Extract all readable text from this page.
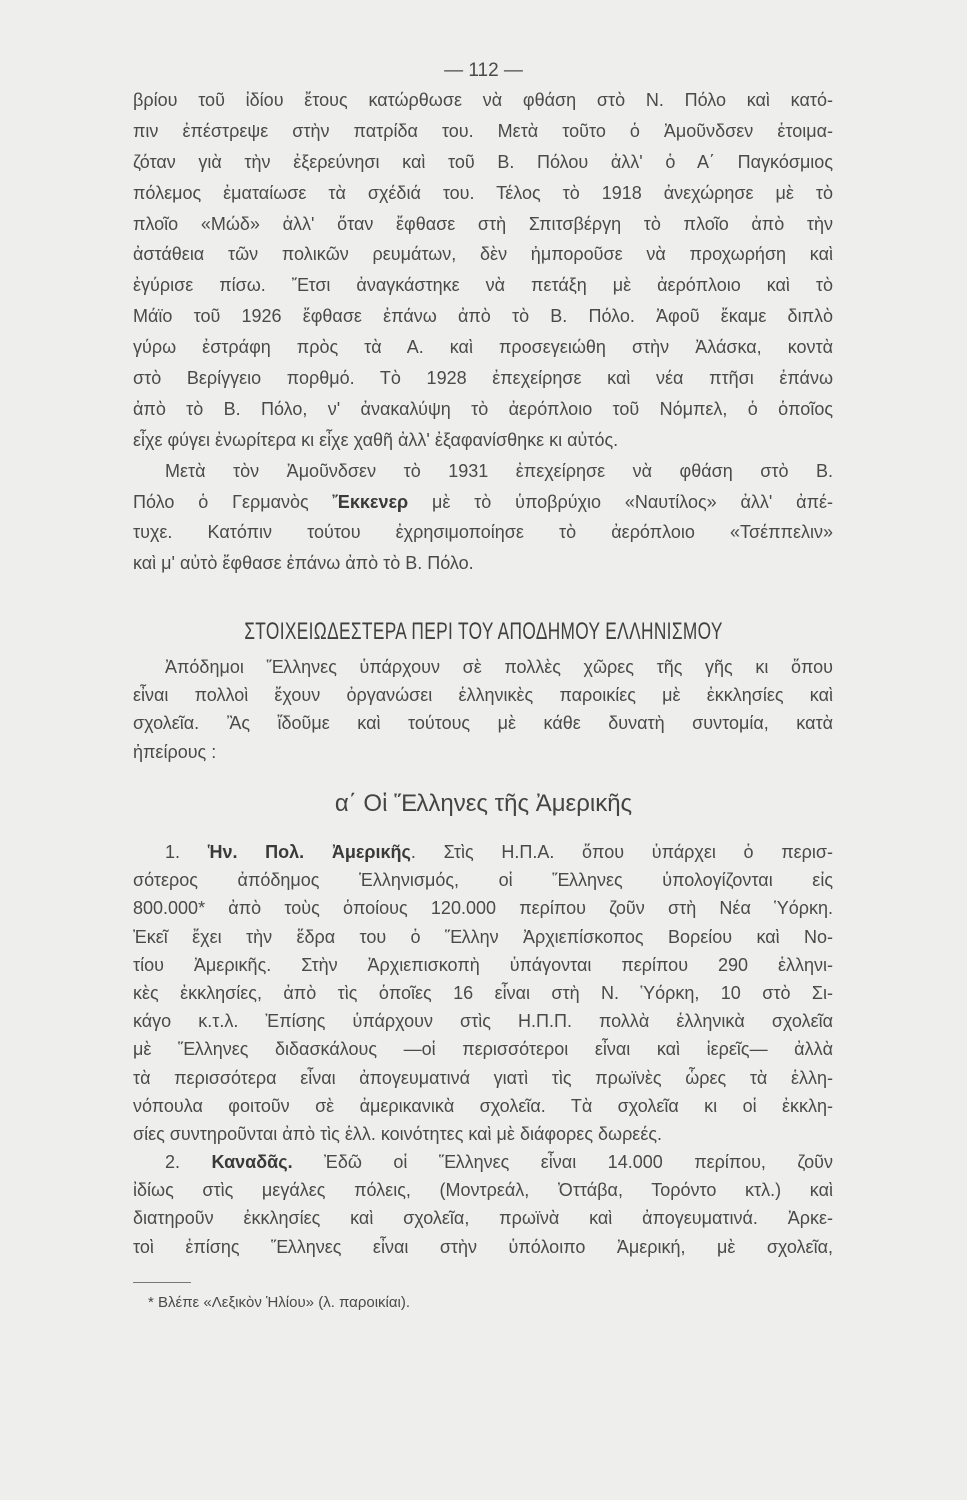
— 112 —
βρίου τοῦ ἰδίου ἔτους κατώρθωσε νὰ φθάση στὸ Ν. Πόλο καὶ κατό-
πιν ἐπέστρεψε στὴν πατρίδα του. Μετὰ τοῦτο ὁ Ἀμοῦνδσεν ἑτοιμα-
ζόταν γιὰ τὴν ἐξερεύνησι καὶ τοῦ Β. Πόλου ἀλλ' ὁ Α΄ Παγκόσμιος
πόλεμος ἐματαίωσε τὰ σχέδιά του. Τέλος τὸ 1918 ἀνεχώρησε μὲ τὸ
πλοῖο «Μώδ» ἀλλ' ὅταν ἔφθασε στὴ Σπιτσβέργη τὸ πλοῖο ἀπὸ τὴν
ἀστάθεια τῶν πολικῶν ρευμάτων, δὲν ἠμποροῦσε νὰ προχωρήση καὶ
ἐγύρισε πίσω. Ἔτσι ἀναγκάστηκε νὰ πετάξη μὲ ἀερόπλοιο καὶ τὸ
Μάϊο τοῦ 1926 ἔφθασε ἐπάνω ἀπὸ τὸ Β. Πόλο. Ἀφοῦ ἔκαμε διπλὸ
γύρω ἐστράφη πρὸς τὰ Α. καὶ προσεγειώθη στὴν Ἀλάσκα, κοντὰ
στὸ Βερίγγειο πορθμό. Τὸ 1928 ἐπεχείρησε καὶ νέα πτῆσι ἐπάνω
ἀπὸ τὸ Β. Πόλο, ν' ἀνακαλύψη τὸ ἀερόπλοιο τοῦ Νόμπελ, ὁ ὁποῖος
εἶχε φύγει ἐνωρίτερα κι εἶχε χαθῆ ἀλλ' ἐξαφανίσθηκε κι αὐτός.
Μετὰ τὸν Ἀμοῦνδσεν τὸ 1931 ἐπεχείρησε νὰ φθάση στὸ Β.
Πόλο ὁ Γερμανὸς Ἔκκενερ μὲ τὸ ὑποβρύχιο «Ναυτίλος» ἀλλ' ἀπέ-
τυχε. Κατόπιν τούτου ἐχρησιμοποίησε τὸ ἀερόπλοιο «Τσέππελιν»
καὶ μ' αὐτὸ ἔφθασε ἐπάνω ἀπὸ τὸ Β. Πόλο.
ΣΤΟΙΧΕΙΩΔΕΣΤΕΡΑ ΠΕΡΙ ΤΟΥ ΑΠΟΔΗΜΟΥ ΕΛΛΗΝΙΣΜΟΥ
Ἀπόδημοι Ἕλληνες ὑπάρχουν σὲ πολλὲς χῶρες τῆς γῆς κι ὅπου
εἶναι πολλοὶ ἔχουν ὀργανώσει ἑλληνικὲς παροικίες μὲ ἐκκλησίες καὶ
σχολεῖα. Ἂς ἴδοῦμε καὶ τούτους μὲ κάθε δυνατὴ συντομία, κατὰ
ἠπείρους :
α΄ Οἱ Ἕλληνες τῆς Ἀμερικῆς
1. Ἡν. Πολ. Ἀμερικῆς. Στὶς Η.Π.Α. ὅπου ὑπάρχει ὁ περισ-
σότερος ἀπόδημος Ἑλληνισμός, οἱ Ἕλληνες ὑπολογίζονται εἰς
800.000* ἀπὸ τοὺς ὁποίους 120.000 περίπου ζοῦν στὴ Νέα Ὑόρκη.
Ἐκεῖ ἔχει τὴν ἕδρα του ὁ Ἕλλην Ἀρχιεπίσκοπος Βορείου καὶ Νο-
τίου Ἀμερικῆς. Στὴν Ἀρχιεπισκοπὴ ὑπάγονται περίπου 290 ἑλληνι-
κὲς ἐκκλησίες, ἀπὸ τὶς ὁποῖες 16 εἶναι στὴ Ν. Ὑόρκη, 10 στὸ Σι-
κάγο κ.τ.λ. Ἐπίσης ὑπάρχουν στὶς Η.Π.Π. πολλὰ ἑλληνικὰ σχολεῖα
μὲ Ἕλληνες διδασκάλους —οἱ περισσότεροι εἶναι καὶ ἱερεῖς— ἀλλὰ
τὰ περισσότερα εἶναι ἀπογευματινά γιατὶ τὶς πρωϊνὲς ὧρες τὰ ἑλλη-
νόπουλα φοιτοῦν σὲ ἀμερικανικὰ σχολεῖα. Τὰ σχολεῖα κι οἱ ἐκκλη-
σίες συντηροῦνται ἀπὸ τὶς ἑλλ. κοινότητες καὶ μὲ διάφορες δωρεές.
2. Καναδᾶς. Ἐδῶ οἱ Ἕλληνες εἶναι 14.000 περίπου, ζοῦν
ἰδίως στὶς μεγάλες πόλεις, (Μοντρεάλ, Ὀττάβα, Τορόντο κτλ.) καὶ
διατηροῦν ἐκκλησίες καὶ σχολεῖα, πρωϊνὰ καὶ ἀπογευματινά. Ἀρκε-
τοὶ ἐπίσης Ἕλληνες εἶναι στὴν ὑπόλοιπο Ἀμερική, μὲ σχολεῖα,
* Βλέπε «Λεξικὸν Ἡλίου» (λ. παροικίαι).
